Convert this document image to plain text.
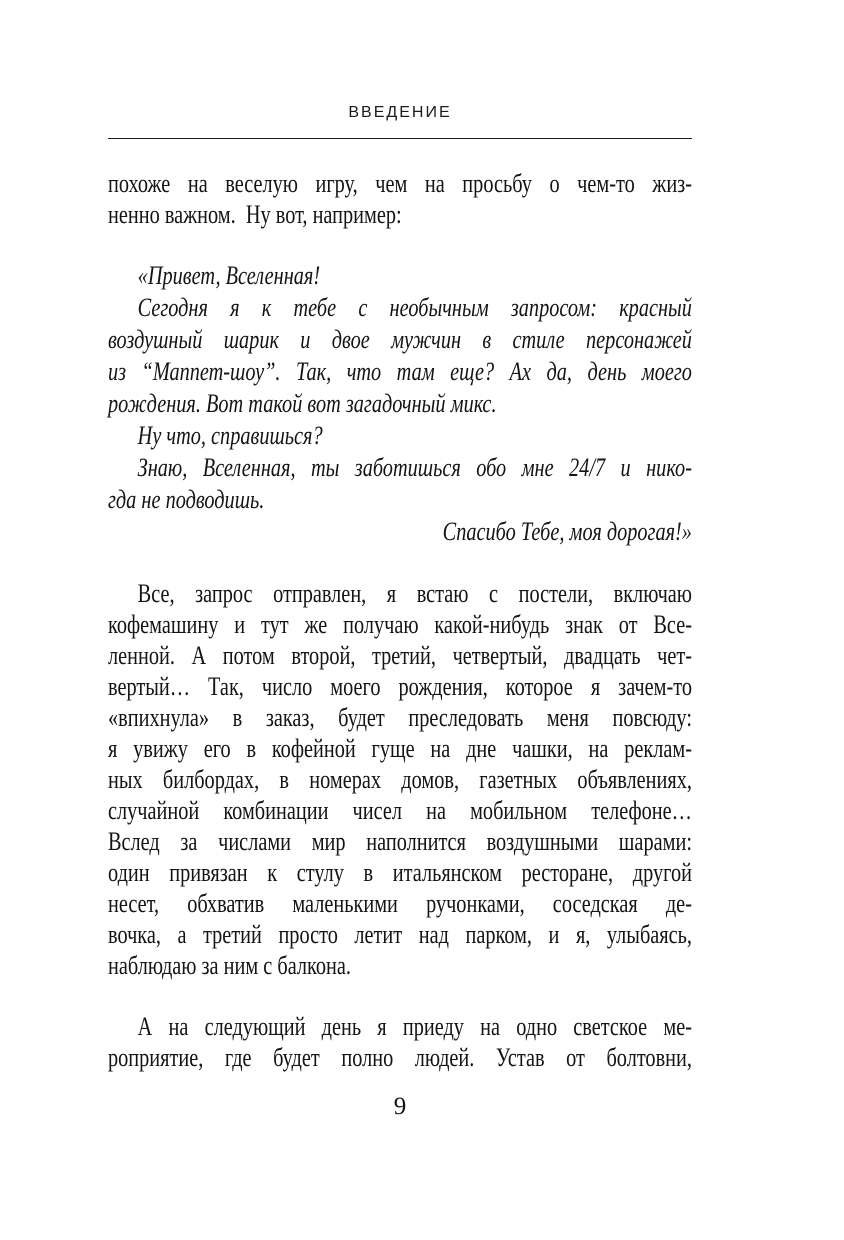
ВВЕДЕНИЕ
похоже на веселую игру, чем на просьбу о чем-то жиз-
ненно важном.  Ну вот, например:
«Привет, Вселенная!
Сегодня я к тебе с необычным запросом: красный
воздушный шарик и двое мужчин в стиле персонажей
из “Маппет-шоу”. Так, что там еще? Ах да, день моего
рождения. Вот такой вот загадочный микс.
Ну что, справишься?
Знаю, Вселенная, ты заботишься обо мне 24/7 и нико-
гда не подводишь.
Спасибо Тебе, моя дорогая!»
Все, запрос отправлен, я встаю с постели, включаю
кофемашину и тут же получаю какой-нибудь знак от Все-
ленной. А потом второй, третий, четвертый, двадцать чет-
вертый… Так, число моего рождения, которое я зачем-то
«впихнула» в заказ, будет преследовать меня повсюду:
я увижу его в кофейной гуще на дне чашки, на реклам-
ных билбордах, в номерах домов, газетных объявлениях,
случайной комбинации чисел на мобильном телефоне…
Вслед за числами мир наполнится воздушными шарами:
один привязан к стулу в итальянском ресторане, другой
несет, обхватив маленькими ручонками, соседская де-
вочка, а третий просто летит над парком, и я, улыбаясь,
наблюдаю за ним с балкона.
А на следующий день я приеду на одно светское ме-
роприятие, где будет полно людей. Устав от болтовни,
9
